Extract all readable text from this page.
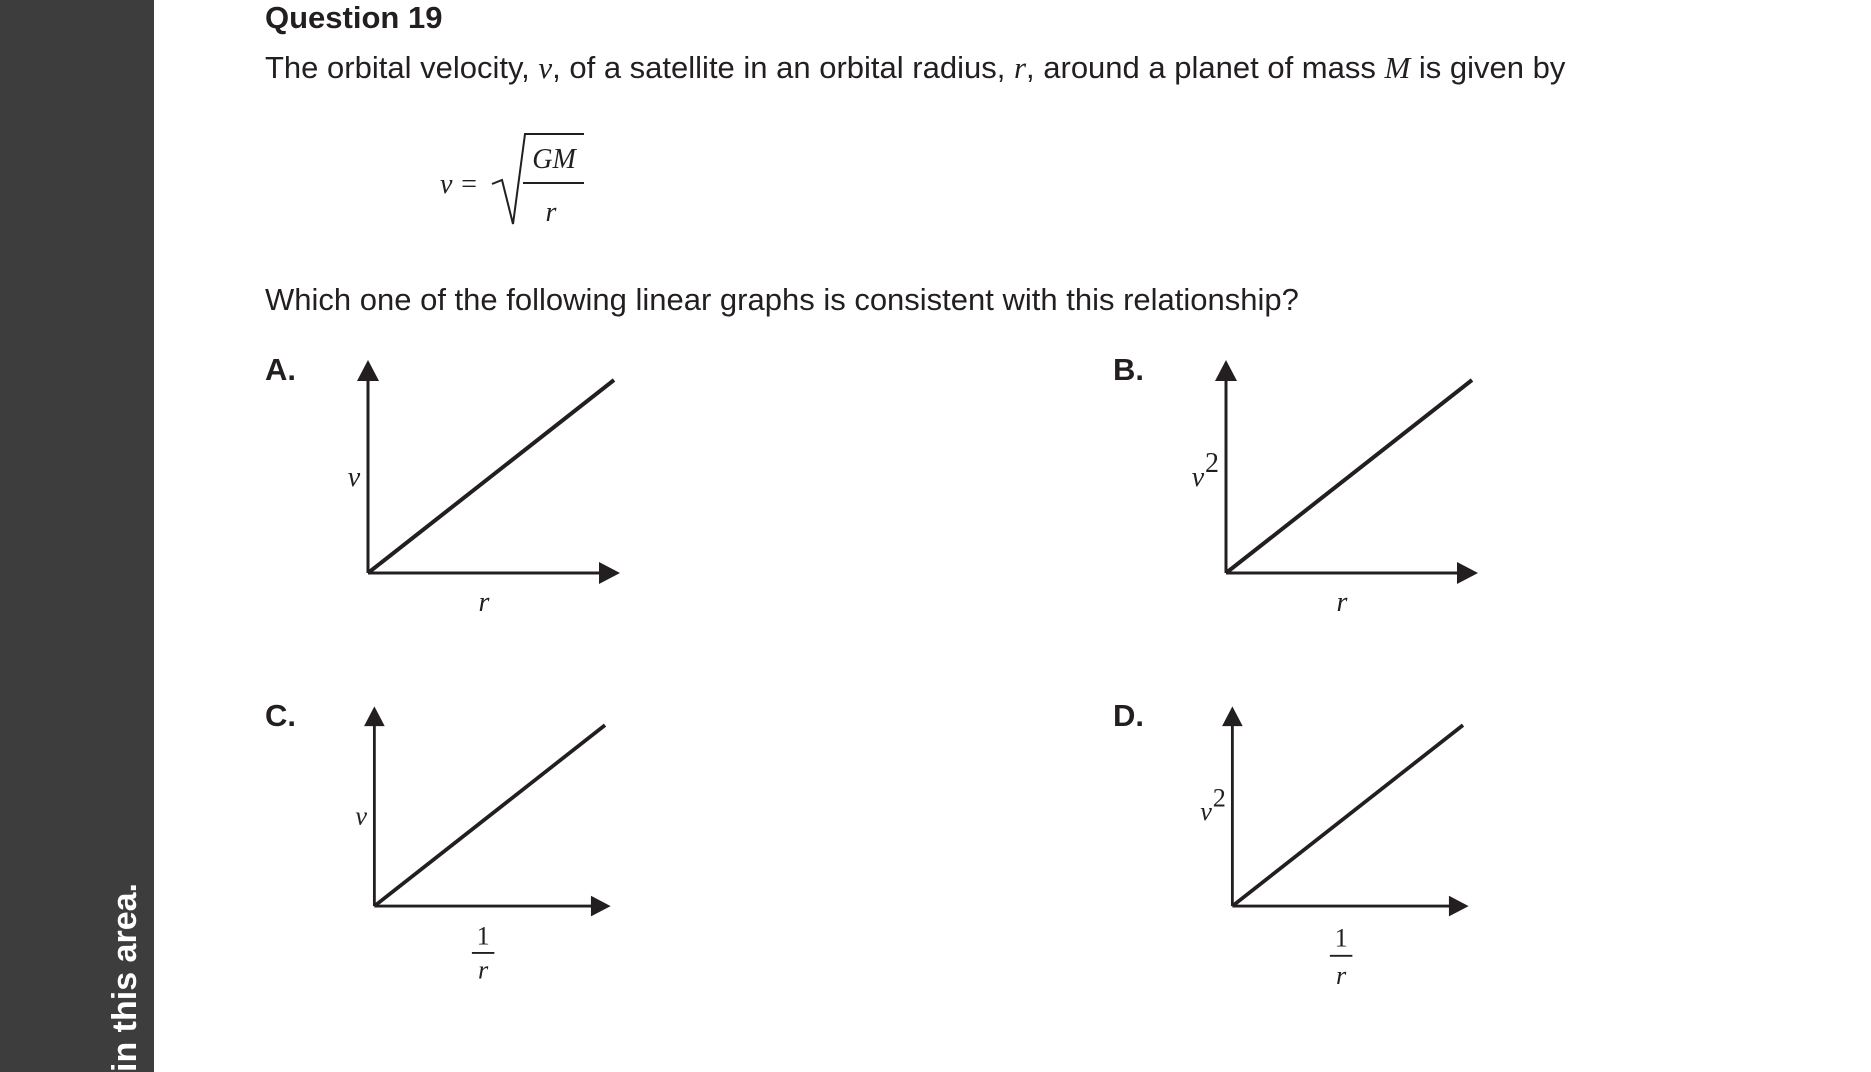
in this area.
Question 19
The orbital velocity, v, of a satellite in an orbital radius, r, around a planet of mass M is given by
v =
GM
r
Which one of the following linear graphs is consistent with this relationship?
A.
v
r
B.
v 2
r
C.
v
1
r
D.
v 2
1
r
